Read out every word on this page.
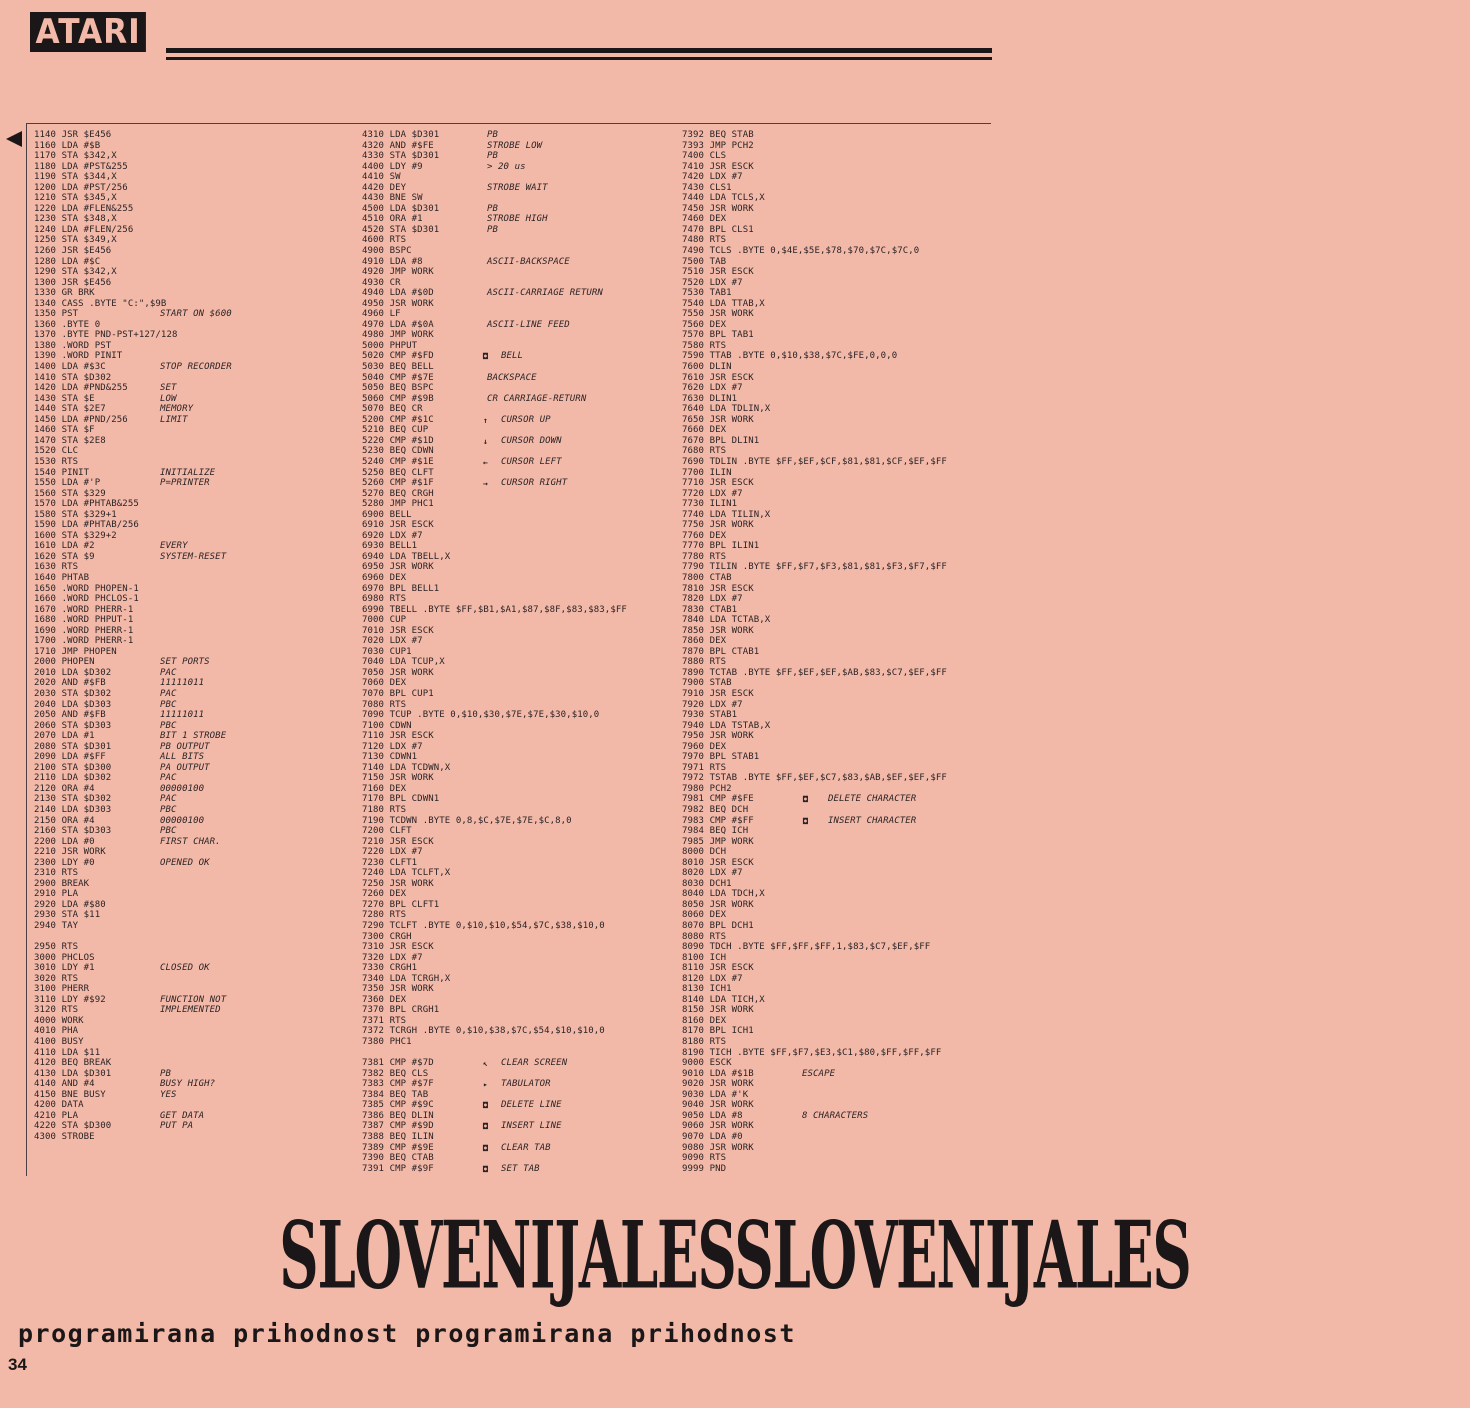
ATARI
1140 JSR $E456
1160 LDA #$B
1170 STA $342,X
1180 LDA #PST&255
1190 STA $344,X
1200 LDA #PST/256
1210 STA $345,X
1220 LDA #FLEN&255
1230 STA $348,X
1240 LDA #FLEN/256
1250 STA $349,X
1260 JSR $E456
1280 LDA #$C
1290 STA $342,X
1300 JSR $E456
1330 GR BRK
1340 CASS .BYTE "C:",$9B
1350 PST	START ON $600
1360 .BYTE 0
1370 .BYTE PND-PST+127/128
1380 .WORD PST
1390 .WORD PINIT
1400 LDA #$3C	STOP RECORDER
1410 STA $D302
1420 LDA #PND&255	SET
1430 STA $E	LOW
1440 STA $2E7	MEMORY
1450 LDA #PND/256	LIMIT
1460 STA $F
1470 STA $2E8
1520 CLC
1530 RTS
1540 PINIT	INITIALIZE
1550 LDA #'P	P=PRINTER
1560 STA $329
1570 LDA #PHTAB&255
1580 STA $329+1
1590 LDA #PHTAB/256
1600 STA $329+2
1610 LDA #2	EVERY
1620 STA $9	SYSTEM-RESET
1630 RTS
1640 PHTAB
1650 .WORD PHOPEN-1
1660 .WORD PHCLOS-1
1670 .WORD PHERR-1
1680 .WORD PHPUT-1
1690 .WORD PHERR-1
1700 .WORD PHERR-1
1710 JMP PHOPEN
2000 PHOPEN	SET PORTS
2010 LDA $D302	PAC
2020 AND #$FB	11111011
2030 STA $D302	PAC
2040 LDA $D303	PBC
2050 AND #$FB	11111011
2060 STA $D303	PBC
2070 LDA #1	BIT 1 STROBE
2080 STA $D301	PB OUTPUT
2090 LDA #$FF	ALL BITS
2100 STA $D300	PA OUTPUT
2110 LDA $D302	PAC
2120 ORA #4	00000100
2130 STA $D302	PAC
2140 LDA $D303	PBC
2150 ORA #4	00000100
2160 STA $D303	PBC
2200 LDA #0	FIRST CHAR.
2210 JSR WORK
2300 LDY #0	OPENED OK
2310 RTS
2900 BREAK
2910 PLA
2920 LDA #$80
2930 STA $11
2940 TAY
2950 RTS
3000 PHCLOS
3010 LDY #1	CLOSED OK
3020 RTS
3100 PHERR
3110 LDY #$92	FUNCTION NOT
3120 RTS	IMPLEMENTED
4000 WORK
4010 PHA
4100 BUSY
4110 LDA $11
4120 BEQ BREAK
4130 LDA $D301	PB
4140 AND #4	BUSY HIGH?
4150 BNE BUSY	YES
4200 DATA
4210 PLA	GET DATA
4220 STA $D300	PUT PA
4300 STROBE
4310 LDA $D301	PB
4320 AND #$FE	STROBE LOW
4330 STA $D301	PB
4400 LDY #9	> 20 us
4410 SW
4420 DEY	STROBE WAIT
4430 BNE SW
4500 LDA $D301	PB
4510 ORA #1	STROBE HIGH
4520 STA $D301	PB
4600 RTS
4900 BSPC
4910 LDA #8	ASCII-BACKSPACE
4920 JMP WORK
4930 CR
4940 LDA #$0D	ASCII-CARRIAGE RETURN
4950 JSR WORK
4960 LF
4970 LDA #$0A	ASCII-LINE FEED
4980 JMP WORK
5000 PHPUT
5020 CMP #$FD	◘ BELL
5030 BEQ BELL
5040 CMP #$7E	BACKSPACE
5050 BEQ BSPC
5060 CMP #$9B	CR CARRIAGE-RETURN
5070 BEQ CR
5200 CMP #$1C	↑ CURSOR UP
5210 BEQ CUP
5220 CMP #$1D	↓ CURSOR DOWN
5230 BEQ CDWN
5240 CMP #$1E	← CURSOR LEFT
5250 BEQ CLFT
5260 CMP #$1F	→ CURSOR RIGHT
5270 BEQ CRGH
5280 JMP PHC1
6900 BELL
6910 JSR ESCK
6920 LDX #7
6930 BELL1
6940 LDA TBELL,X
6950 JSR WORK
6960 DEX
6970 BPL BELL1
6980 RTS
6990 TBELL .BYTE $FF,$B1,$A1,$87,$8F,$83,$83,$FF
7000 CUP
7010 JSR ESCK
7020 LDX #7
7030 CUP1
7040 LDA TCUP,X
7050 JSR WORK
7060 DEX
7070 BPL CUP1
7080 RTS
7090 TCUP .BYTE 0,$10,$30,$7E,$7E,$30,$10,0
7100 CDWN
7110 JSR ESCK
7120 LDX #7
7130 CDWN1
7140 LDA TCDWN,X
7150 JSR WORK
7160 DEX
7170 BPL CDWN1
7180 RTS
7190 TCDWN .BYTE 0,8,$C,$7E,$7E,$C,8,0
7200 CLFT
7210 JSR ESCK
7220 LDX #7
7230 CLFT1
7240 LDA TCLFT,X
7250 JSR WORK
7260 DEX
7270 BPL CLFT1
7280 RTS
7290 TCLFT .BYTE 0,$10,$10,$54,$7C,$38,$10,0
7300 CRGH
7310 JSR ESCK
7320 LDX #7
7330 CRGH1
7340 LDA TCRGH,X
7350 JSR WORK
7360 DEX
7370 BPL CRGH1
7371 RTS
7372 TCRGH .BYTE 0,$10,$38,$7C,$54,$10,$10,0
7380 PHC1
7381 CMP #$7D	↖ CLEAR SCREEN
7382 BEQ CLS
7383 CMP #$7F	▸ TABULATOR
7384 BEQ TAB
7385 CMP #$9C	◘ DELETE LINE
7386 BEQ DLIN
7387 CMP #$9D	◘ INSERT LINE
7388 BEQ ILIN
7389 CMP #$9E	◘ CLEAR TAB
7390 BEQ CTAB
7391 CMP #$9F	◘ SET TAB
7392 BEQ STAB
7393 JMP PCH2
7400 CLS
7410 JSR ESCK
7420 LDX #7
7430 CLS1
7440 LDA TCLS,X
7450 JSR WORK
7460 DEX
7470 BPL CLS1
7480 RTS
7490 TCLS .BYTE 0,$4E,$5E,$78,$70,$7C,$7C,0
7500 TAB
7510 JSR ESCK
7520 LDX #7
7530 TAB1
7540 LDA TTAB,X
7550 JSR WORK
7560 DEX
7570 BPL TAB1
7580 RTS
7590 TTAB .BYTE 0,$10,$38,$7C,$FE,0,0,0
7600 DLIN
7610 JSR ESCK
7620 LDX #7
7630 DLIN1
7640 LDA TDLIN,X
7650 JSR WORK
7660 DEX
7670 BPL DLIN1
7680 RTS
7690 TDLIN .BYTE $FF,$EF,$CF,$81,$81,$CF,$EF,$FF
7700 ILIN
7710 JSR ESCK
7720 LDX #7
7730 ILIN1
7740 LDA TILIN,X
7750 JSR WORK
7760 DEX
7770 BPL ILIN1
7780 RTS
7790 TILIN .BYTE $FF,$F7,$F3,$81,$81,$F3,$F7,$FF
7800 CTAB
7810 JSR ESCK
7820 LDX #7
7830 CTAB1
7840 LDA TCTAB,X
7850 JSR WORK
7860 DEX
7870 BPL CTAB1
7880 RTS
7890 TCTAB .BYTE $FF,$EF,$EF,$AB,$83,$C7,$EF,$FF
7900 STAB
7910 JSR ESCK
7920 LDX #7
7930 STAB1
7940 LDA TSTAB,X
7950 JSR WORK
7960 DEX
7970 BPL STAB1
7971 RTS
7972 TSTAB .BYTE $FF,$EF,$C7,$83,$AB,$EF,$EF,$FF
7980 PCH2
7981 CMP #$FE	◘ DELETE CHARACTER
7982 BEQ DCH
7983 CMP #$FF	◘ INSERT CHARACTER
7984 BEQ ICH
7985 JMP WORK
8000 DCH
8010 JSR ESCK
8020 LDX #7
8030 DCH1
8040 LDA TDCH,X
8050 JSR WORK
8060 DEX
8070 BPL DCH1
8080 RTS
8090 TDCH .BYTE $FF,$FF,$FF,1,$83,$C7,$EF,$FF
8100 ICH
8110 JSR ESCK
8120 LDX #7
8130 ICH1
8140 LDA TICH,X
8150 JSR WORK
8160 DEX
8170 BPL ICH1
8180 RTS
8190 TICH .BYTE $FF,$F7,$E3,$C1,$80,$FF,$FF,$FF
9000 ESCK
9010 LDA #$1B	ESCAPE
9020 JSR WORK
9030 LDA #'K
9040 JSR WORK
9050 LDA #8	8 CHARACTERS
9060 JSR WORK
9070 LDA #0
9080 JSR WORK
9090 RTS
9999 PND
SLOVENIJALESSLOVENIJALES
programirana prihodnost programirana prihodnost
34
